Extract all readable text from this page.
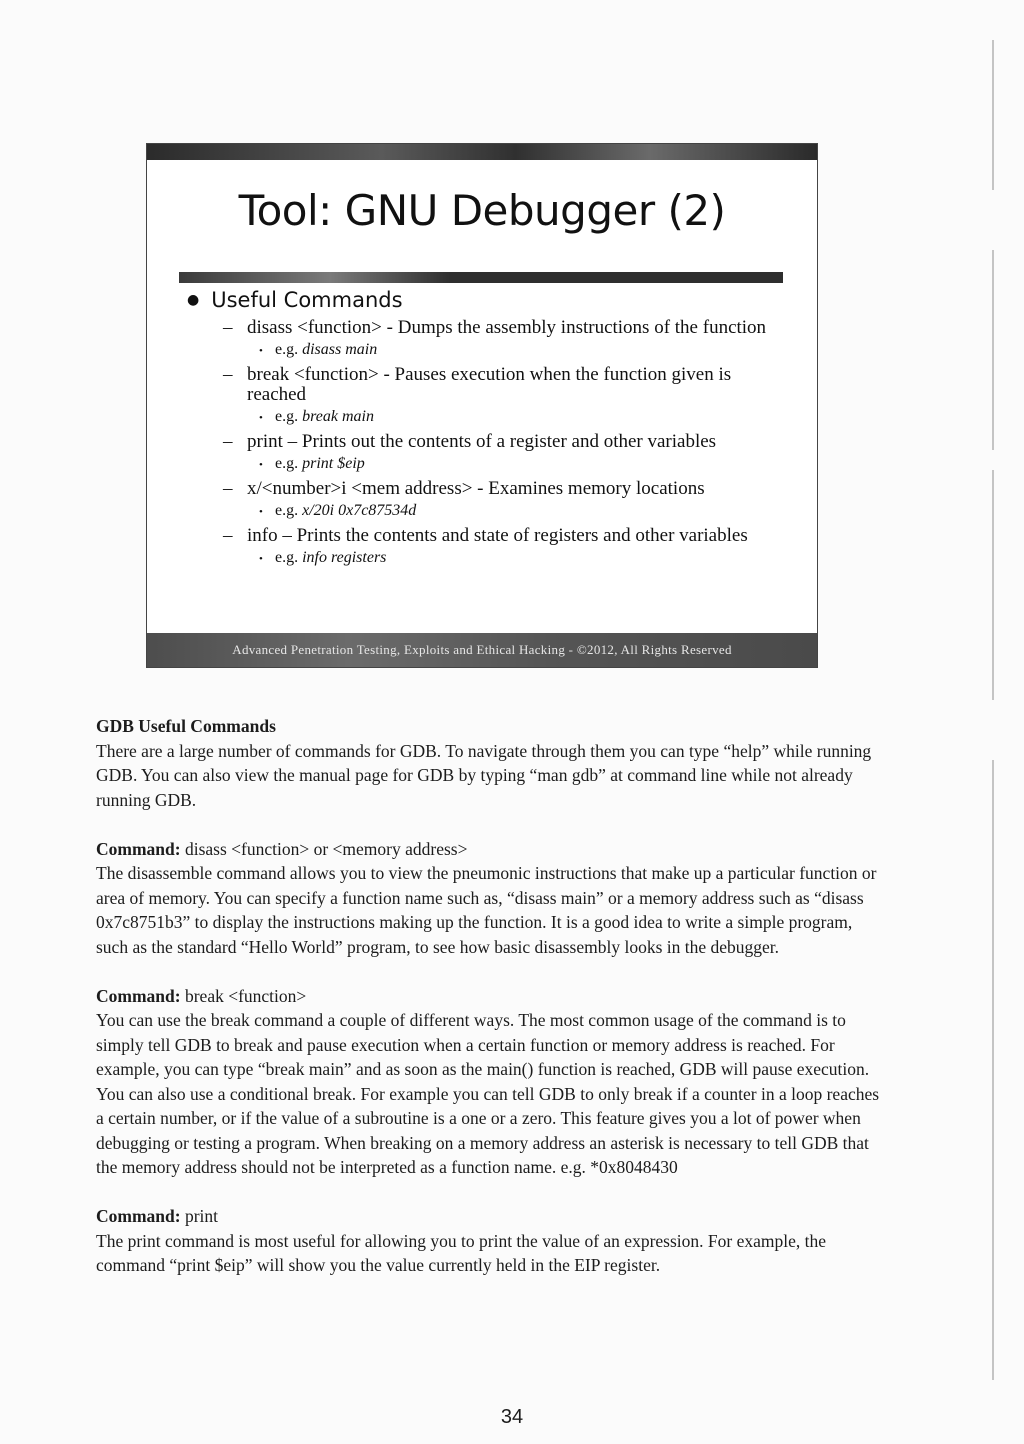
Tool: GNU Debugger (2)
● Useful Commands
– disass <function> - Dumps the assembly instructions of the function
• e.g. disass main
– break <function> - Pauses execution when the function given is reached
• e.g. break main
– print – Prints out the contents of a register and other variables
• e.g. print $eip
– x/<number>i <mem address> - Examines memory locations
• e.g. x/20i 0x7c87534d
– info – Prints the contents and state of registers and other variables
• e.g. info registers
Advanced Penetration Testing, Exploits and Ethical Hacking - ©2012, All Rights Reserved

GDB Useful Commands

There are a large number of commands for GDB. To navigate through them you can type “help” while running GDB. You can also view the manual page for GDB by typing “man gdb” at command line while not already running GDB.

Command: disass <function> or <memory address>

The disassemble command allows you to view the pneumonic instructions that make up a particular function or area of memory. You can specify a function name such as, “disass main” or a memory address such as “disass 0x7c8751b3” to display the instructions making up the function. It is a good idea to write a simple program, such as the standard “Hello World” program, to see how basic disassembly looks in the debugger.

Command: break <function>

You can use the break command a couple of different ways. The most common usage of the command is to simply tell GDB to break and pause execution when a certain function or memory address is reached. For example, you can type “break main” and as soon as the main() function is reached, GDB will pause execution. You can also use a conditional break. For example you can tell GDB to only break if a counter in a loop reaches a certain number, or if the value of a subroutine is a one or a zero. This feature gives you a lot of power when debugging or testing a program. When breaking on a memory address an asterisk is necessary to tell GDB that the memory address should not be interpreted as a function name. e.g. *0x8048430

Command: print

The print command is most useful for allowing you to print the value of an expression. For example, the command “print $eip” will show you the value currently held in the EIP register.

34
